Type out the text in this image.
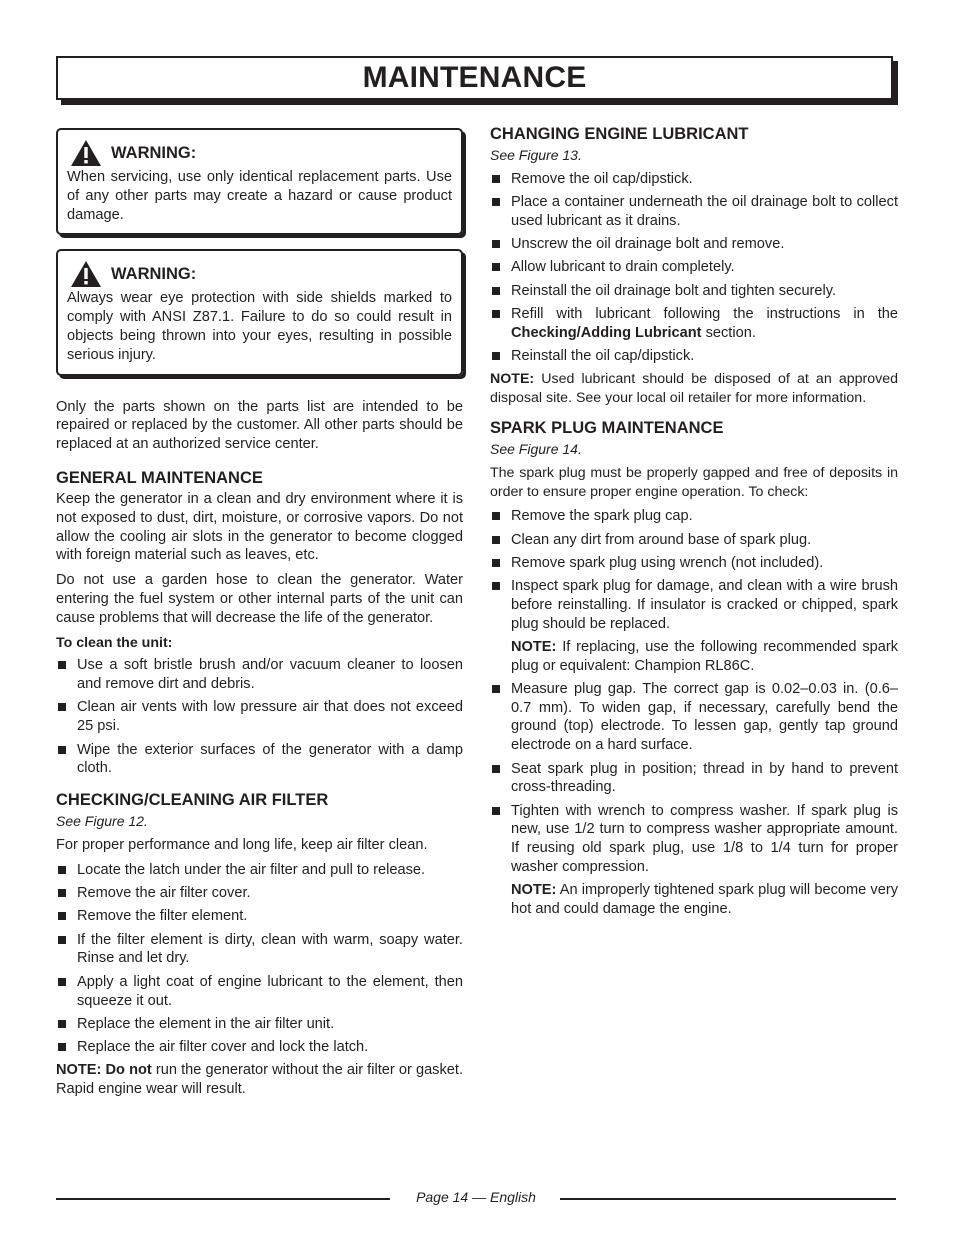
MAINTENANCE
WARNING:

When servicing, use only identical replacement parts. Use of any other parts may create a hazard or cause product damage.

WARNING:

Always wear eye protection with side shields marked to comply with ANSI Z87.1. Failure to do so could result in objects being thrown into your eyes, resulting in possible serious injury.

Only the parts shown on the parts list are intended to be repaired or replaced by the customer. All other parts should be replaced at an authorized service center.

GENERAL MAINTENANCE

Keep the generator in a clean and dry environment where it is not exposed to dust, dirt, moisture, or corrosive vapors. Do not allow the cooling air slots in the generator to become clogged with foreign material such as leaves, etc.

Do not use a garden hose to clean the generator. Water entering the fuel system or other internal parts of the unit can cause problems that will decrease the life of the generator.

To clean the unit:
Use a soft bristle brush and/or vacuum cleaner to loosen and remove dirt and debris.
Clean air vents with low pressure air that does not exceed 25 psi.
Wipe the exterior surfaces of the generator with a damp cloth.
CHECKING/CLEANING AIR FILTER
See Figure 12.

For proper performance and long life, keep air filter clean.

Locate the latch under the air filter and pull to release.
Remove the air filter cover.
Remove the filter element.
If the filter element is dirty, clean with warm, soapy water. Rinse and let dry.
Apply a light coat of engine lubricant to the element, then squeeze it out.
Replace the element in the air filter unit.
Replace the air filter cover and lock the latch.

NOTE: Do not run the generator without the air filter or gasket. Rapid engine wear will result.

CHANGING ENGINE LUBRICANT
See Figure 13.
Remove the oil cap/dipstick.
Place a container underneath the oil drainage bolt to collect used lubricant as it drains.
Unscrew the oil drainage bolt and remove.
Allow lubricant to drain completely.
Reinstall the oil drainage bolt and tighten securely.
Refill with lubricant following the instructions in the Checking/Adding Lubricant section.
Reinstall the oil cap/dipstick.

NOTE: Used lubricant should be disposed of at an approved disposal site. See your local oil retailer for more information.

SPARK PLUG MAINTENANCE
See Figure 14.

The spark plug must be properly gapped and free of deposits in order to ensure proper engine operation. To check:

Remove the spark plug cap.
Clean any dirt from around base of spark plug.
Remove spark plug using wrench (not included).
Inspect spark plug for damage, and clean with a wire brush before reinstalling. If insulator is cracked or chipped, spark plug should be replaced.

NOTE: If replacing, use the following recommended spark plug or equivalent: Champion RL86C.

Measure plug gap. The correct gap is 0.02–0.03 in. (0.6–0.7 mm). To widen gap, if necessary, carefully bend the ground (top) electrode. To lessen gap, gently tap ground electrode on a hard surface.
Seat spark plug in position; thread in by hand to prevent cross-threading.
Tighten with wrench to compress washer. If spark plug is new, use 1/2 turn to compress washer appropriate amount. If reusing old spark plug, use 1/8 to 1/4 turn for proper washer compression.

NOTE: An improperly tightened spark plug will become very hot and could damage the engine.

Page 14 — English
